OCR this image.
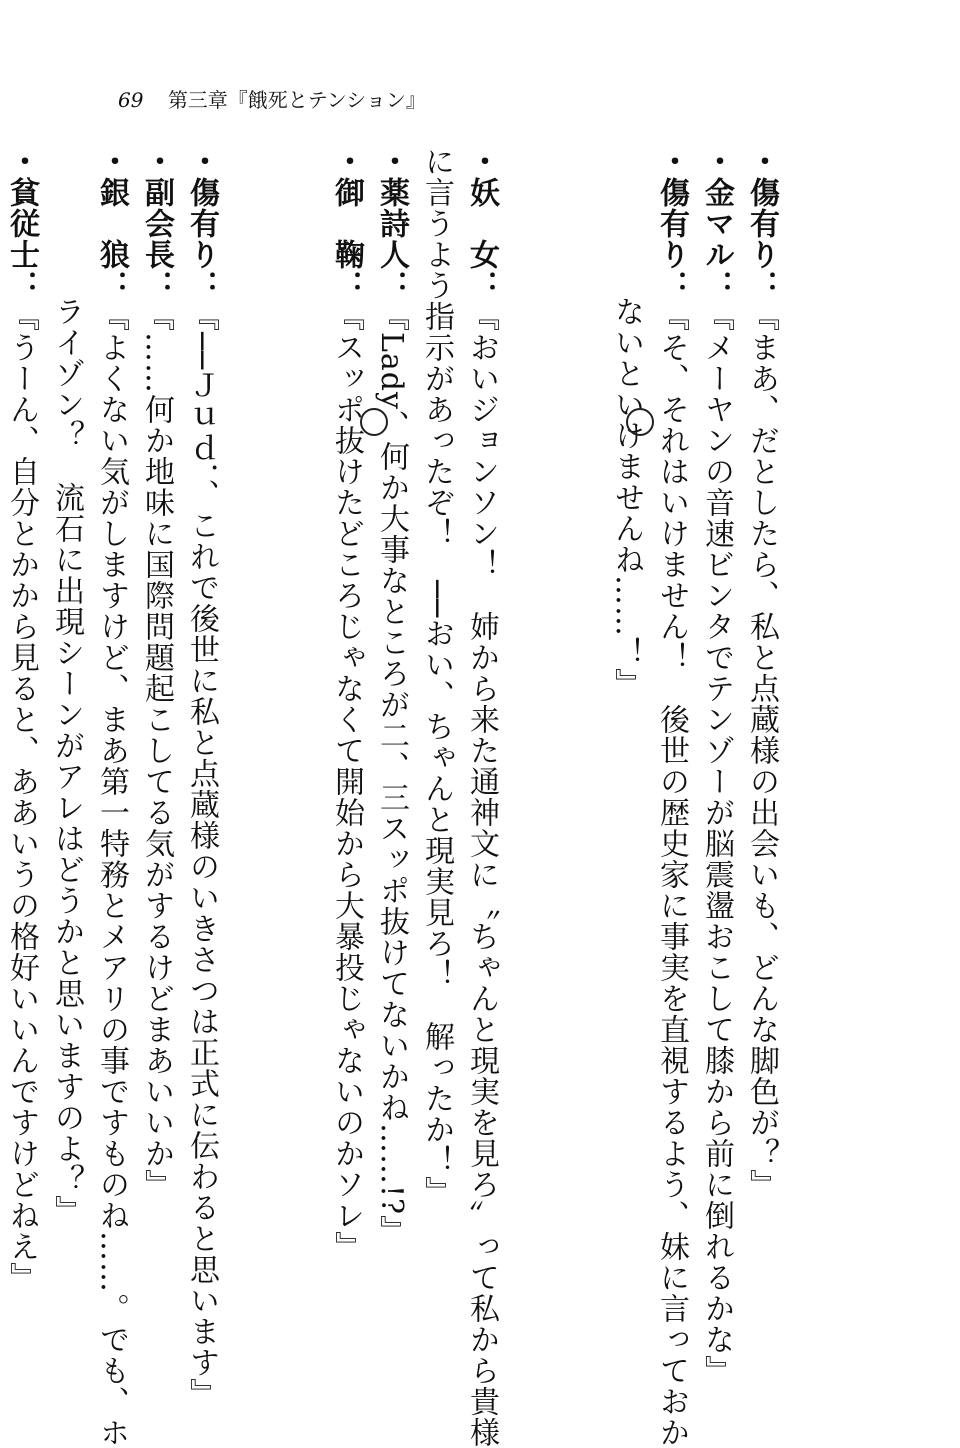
69 第三章『餓死とテンション』
・傷有り：『まあ、だとしたら、私と点蔵様の出会いも、どんな脚色が？』
・金マル：『メーヤンの音速ビンタでテンゾーが脳震盪おこして膝から前に倒れるかな』
・傷有り：『そ、それはいけません！　後世の歴史家に事実を直視するよう、妹に言っておか
ないといけませんね……！』
・妖　女：『おいジョンソン！　姉から来た通神文に〝ちゃんと現実を見ろ〟って私から貴様
に言うよう指示があったぞ！　──おい、ちゃんと現実見ろ！　解ったか！』
・薬詩人：『Lady、何か大事なところが二、三スッポ抜けてないかね……!?』
・御　鞠：『スッポ抜けたどころじゃなくて開始から大暴投じゃないのかソレ』
・傷有り：『──Ｊｕｄ．、これで後世に私と点蔵様のいきさつは正式に伝わると思います』
・副会長：『……何か地味に国際問題起こしてる気がするけどまあいいか』
・銀　狼：『よくない気がしますけど、まあ第一特務とメアリの事ですものね……。でも、ホ
ライゾン？　流石に出現シーンがアレはどうかと思いますのよ？』
・貧従士：『うーん、自分とかから見ると、ああいうの格好いいんですけどねえ』
